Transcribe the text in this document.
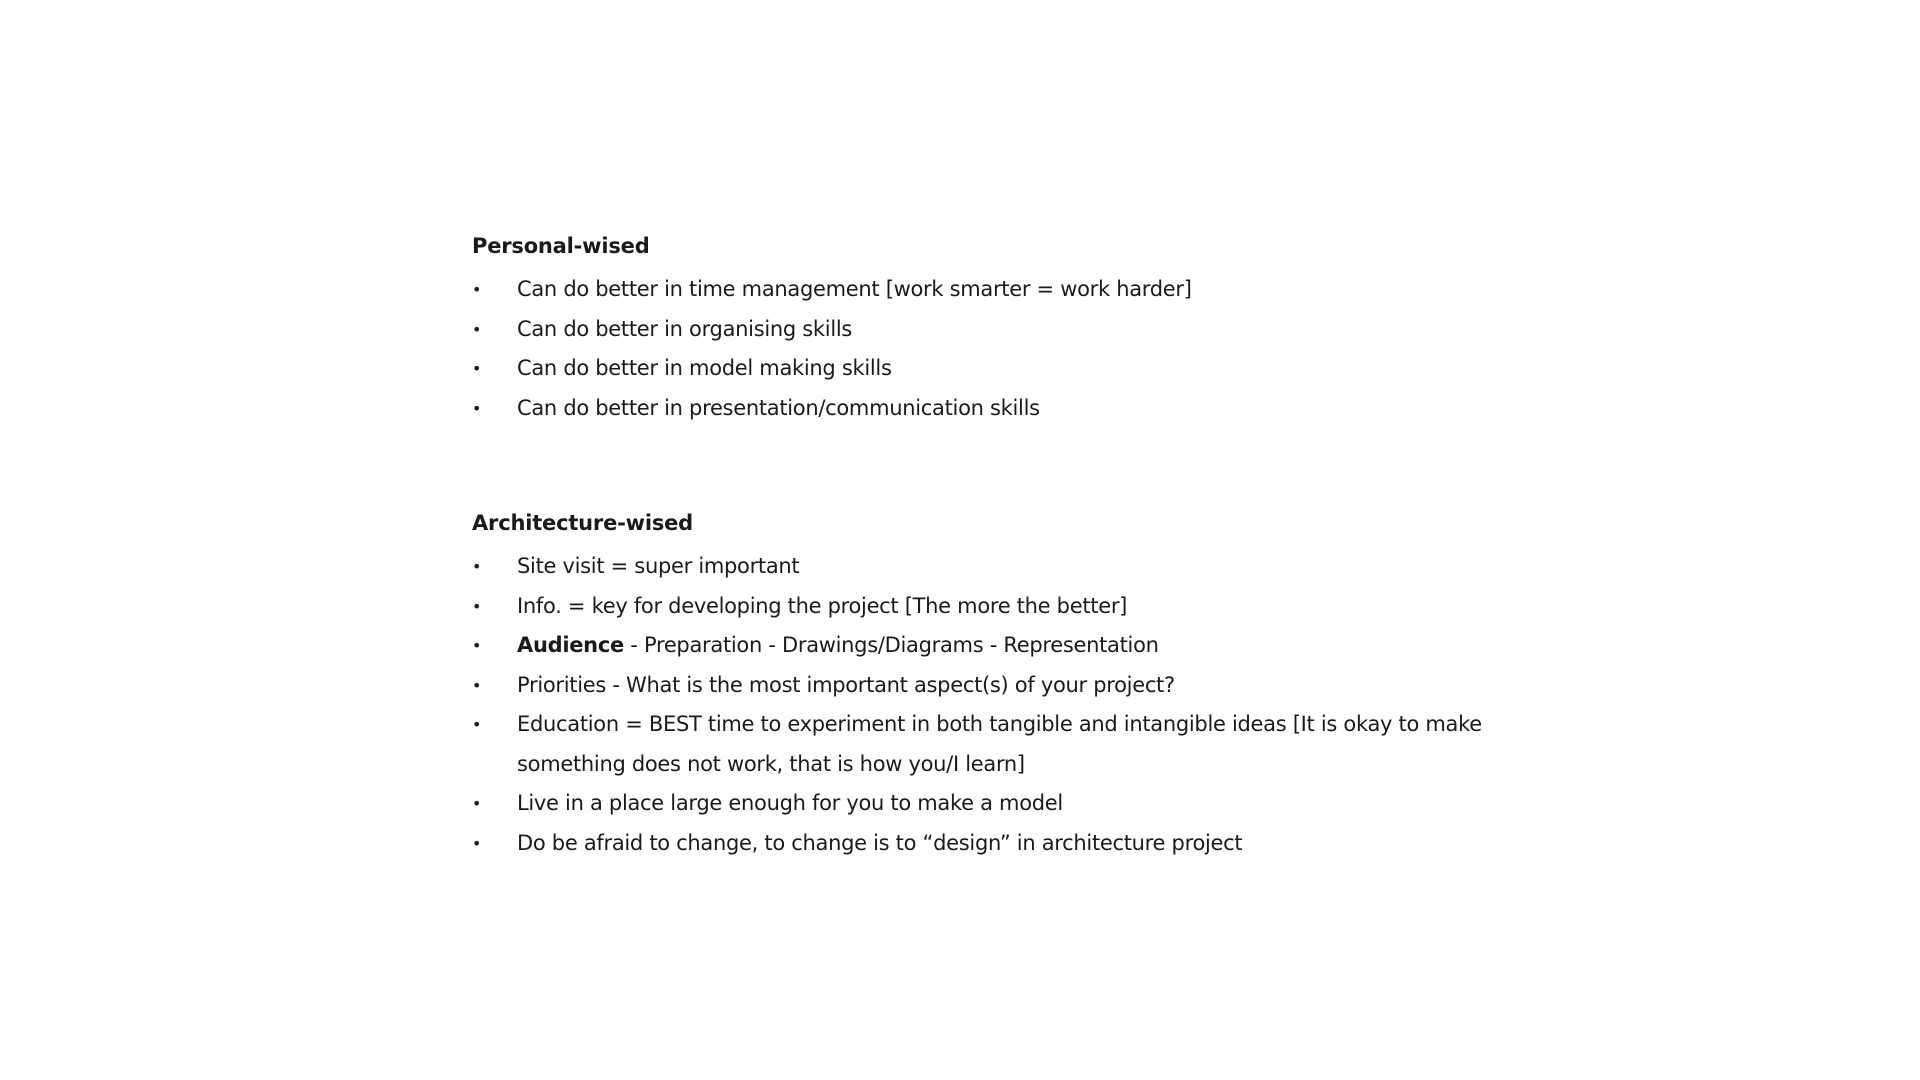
Personal-wised
•	Can do better in time management [work smarter = work harder]
•	Can do better in organising skills
•	Can do better in model making skills
•	Can do better in presentation/communication skills
Architecture-wised
•	Site visit = super important
•	Info. = key for developing the project [The more the better]
•	Audience - Preparation - Drawings/Diagrams - Representation
•	Priorities - What is the most important aspect(s) of your project?
•	Education = BEST time to experiment in both tangible and intangible ideas [It is okay to make something does not work, that is how you/I learn]
•	Live in a place large enough for you to make a model
•	Do be afraid to change, to change is to “design” in architecture project
